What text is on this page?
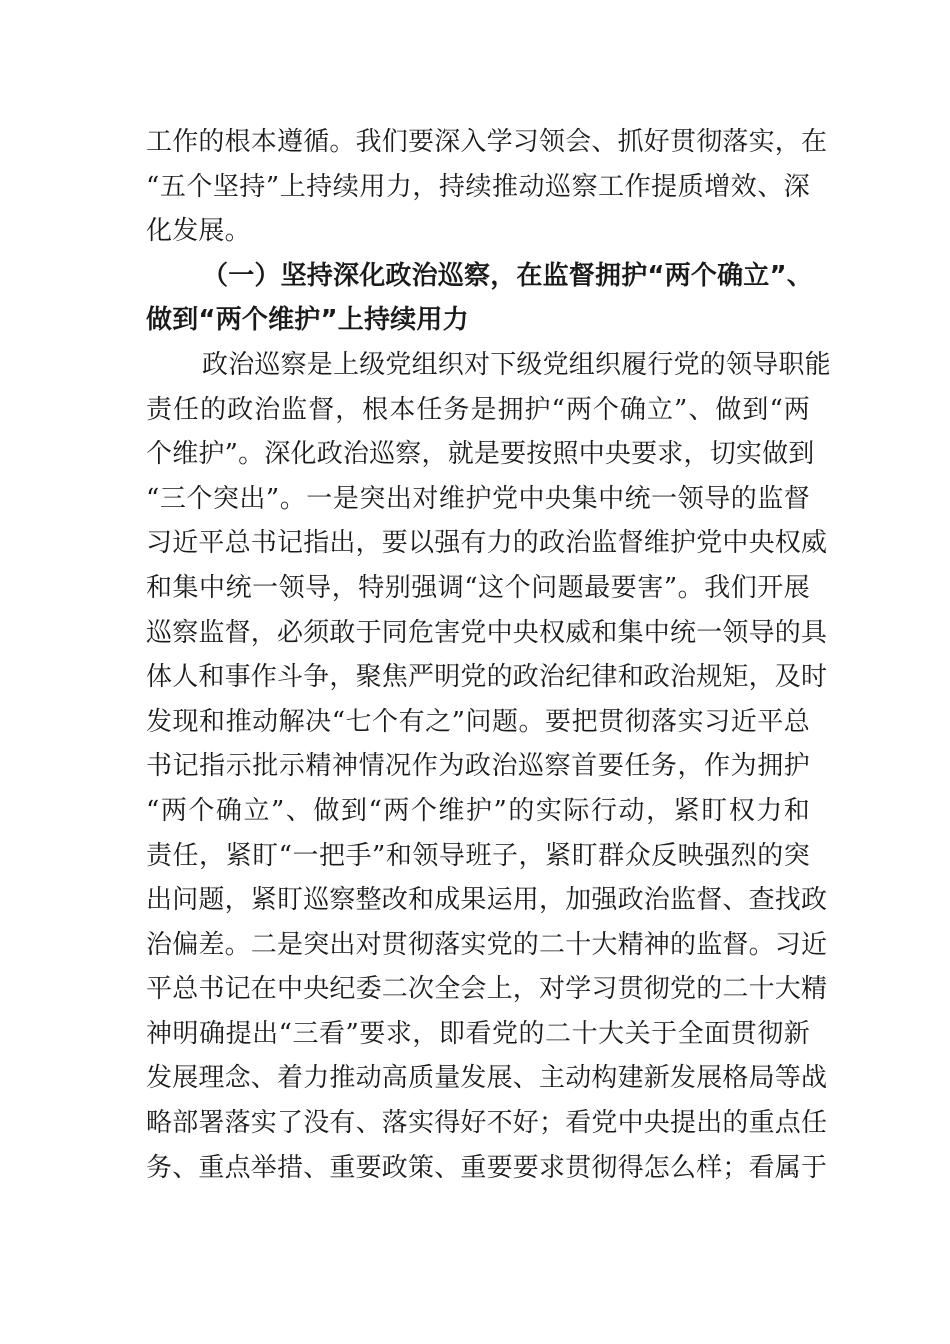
工作的根本遵循。我们要深入学习领会、抓好贯彻落实，在
“五个坚持”上持续用力，持续推动巡察工作提质增效、深
化发展。
（一）坚持深化政治巡察，在监督拥护“两个确立”、
做到“两个维护”上持续用力
政治巡察是上级党组织对下级党组织履行党的领导职能
责任的政治监督，根本任务是拥护“两个确立”、做到“两
个维护”。深化政治巡察，就是要按照中央要求，切实做到
“三个突出”。一是突出对维护党中央集中统一领导的监督
习近平总书记指出，要以强有力的政治监督维护党中央权威
和集中统一领导，特别强调“这个问题最要害”。我们开展
巡察监督，必须敢于同危害党中央权威和集中统一领导的具
体人和事作斗争，聚焦严明党的政治纪律和政治规矩，及时
发现和推动解决“七个有之”问题。要把贯彻落实习近平总
书记指示批示精神情况作为政治巡察首要任务，作为拥护
“两个确立”、做到“两个维护”的实际行动，紧盯权力和
责任，紧盯“一把手”和领导班子，紧盯群众反映强烈的突
出问题，紧盯巡察整改和成果运用，加强政治监督、查找政
治偏差。二是突出对贯彻落实党的二十大精神的监督。习近
平总书记在中央纪委二次全会上，对学习贯彻党的二十大精
神明确提出“三看”要求，即看党的二十大关于全面贯彻新
发展理念、着力推动高质量发展、主动构建新发展格局等战
略部署落实了没有、落实得好不好；看党中央提出的重点任
务、重点举措、重要政策、重要要求贯彻得怎么样；看属于
